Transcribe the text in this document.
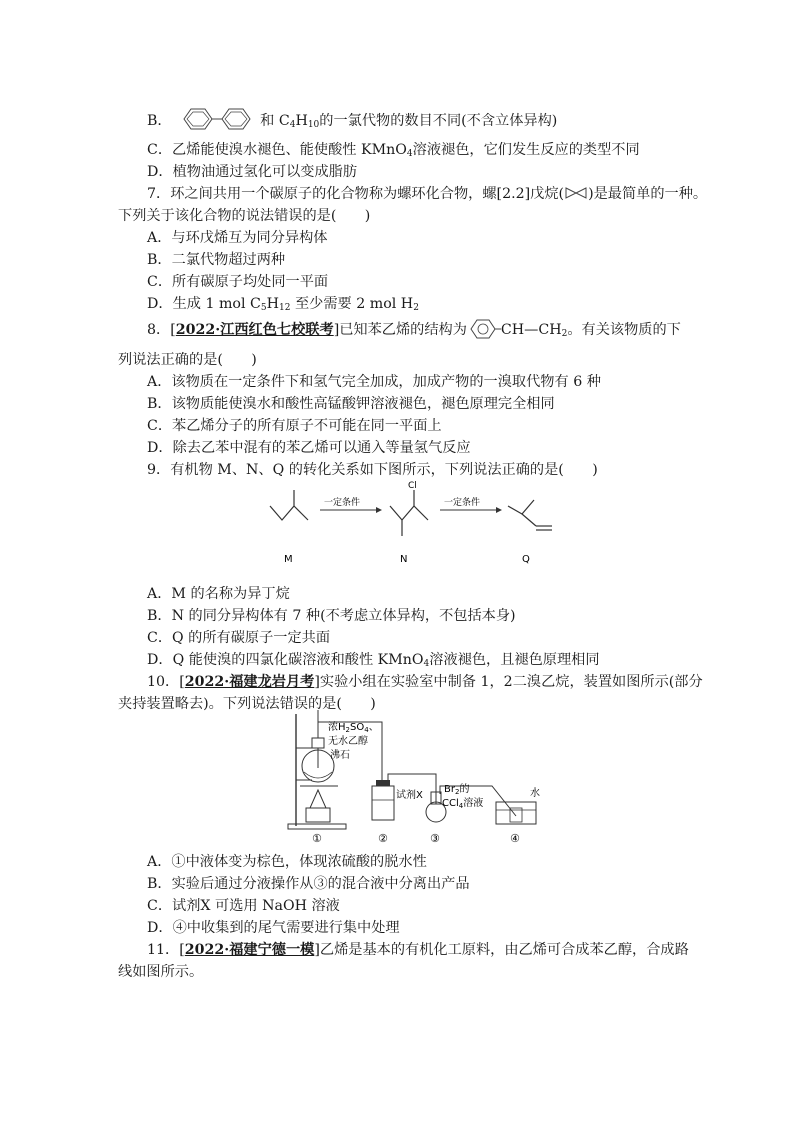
B．	和 $C_4H_{10}$的一氯代物的数目不同(不含立体异构)
C．乙烯能使溴水褪色、能使酸性 KMnO$_4$溶液褪色，它们发生反应的类型不同
D．植物油通过氢化可以变成脂肪
7．环之间共用一个碳原子的化合物称为螺环化合物，螺[2.2]戊烷( )是最简单的一种。
下列关于该化合物的说法错误的是(　　)
A．与环戊烯互为同分异构体
B．二氯代物超过两种
C．所有碳原子均处同一平面
D．生成 1 mol $C_5H_{12}$ 至少需要 2 mol $H_2$
8．[2022·江西红色七校联考]已知苯乙烯的结构为 $CH—CH_2$。有关该物质的下
列说法正确的是(　　)
A．该物质在一定条件下和氢气完全加成，加成产物的一溴取代物有 6 种
B．该物质能使溴水和酸性高锰酸钾溶液褪色，褪色原理完全相同
C．苯乙烯分子的所有原子不可能在同一平面上
D．除去乙苯中混有的苯乙烯可以通入等量氢气反应
9．有机物 M、N、Q 的转化关系如下图所示，下列说法正确的是(　　)
M
一定条件
Cl
N
一定条件
Q
A．M 的名称为异丁烷
B．N 的同分异构体有 7 种(不考虑立体异构，不包括本身)
C．Q 的所有碳原子一定共面
D．Q 能使溴的四氯化碳溶液和酸性 KMnO$_4$溶液褪色，且褪色原理相同
10．[2022·福建龙岩月考]实验小组在实验室中制备 1，2二溴乙烷，装置如图所示(部分
夹持装置略去)。下列说法错误的是(　　)
浓$H_2SO_4$、
无水乙醇
沸石
试剂X
$Br_2$的
CCl$_4$溶液
水
①	②	③	④
A．①中液体变为棕色，体现浓硫酸的脱水性
B．实验后通过分液操作从③的混合液中分离出产品
C．试剂X 可选用 NaOH 溶液
D．④中收集到的尾气需要进行集中处理
11．[2022·福建宁德一模]乙烯是基本的有机化工原料，由乙烯可合成苯乙醇，合成路
线如图所示。
